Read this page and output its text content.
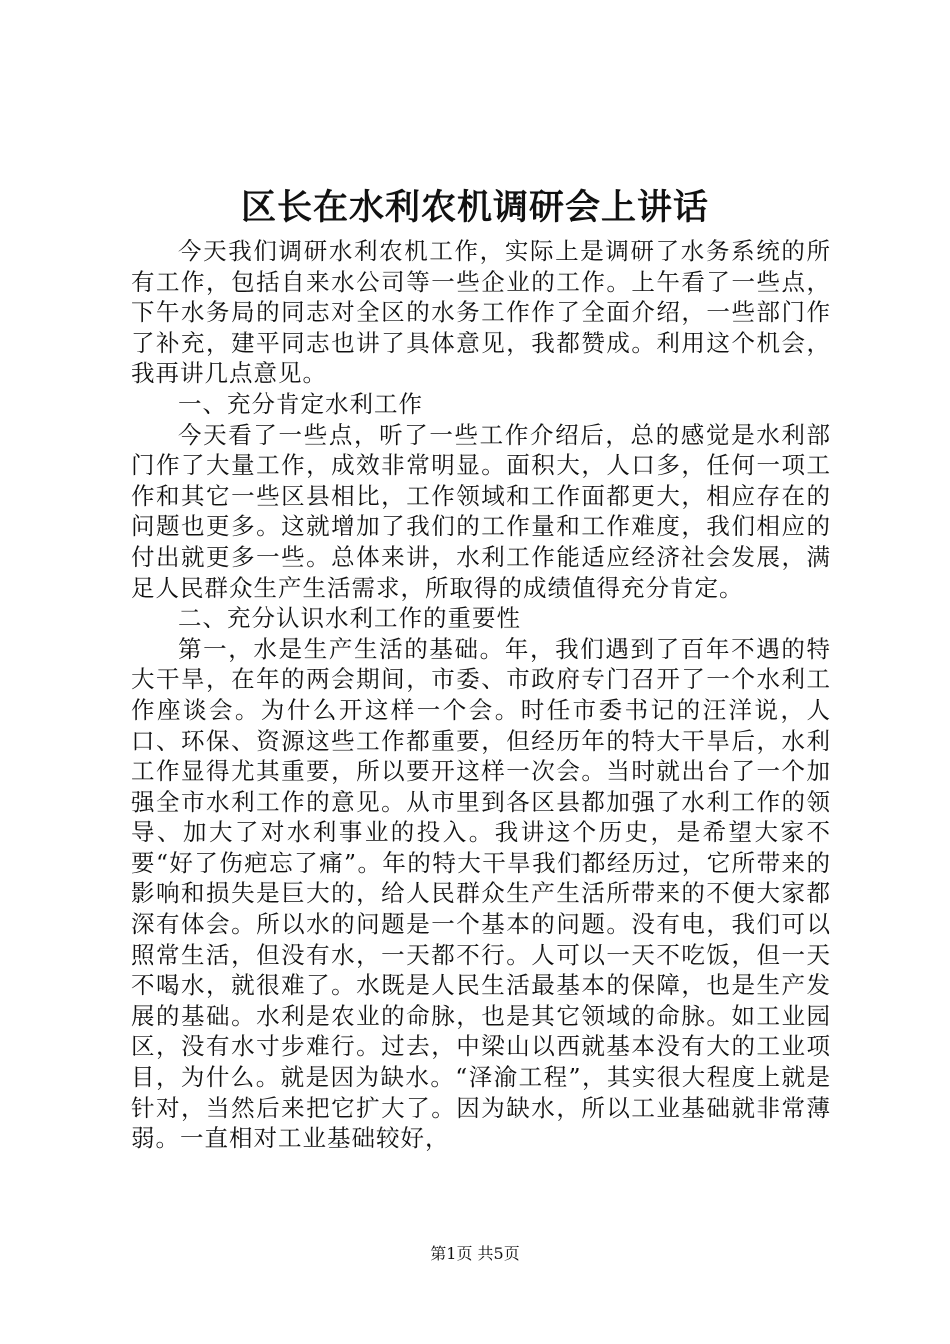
区长在水利农机调研会上讲话

今天我们调研水利农机工作，实际上是调研了水务系统的所有工作，包括自来水公司等一些企业的工作。上午看了一些点，下午水务局的同志对全区的水务工作作了全面介绍，一些部门作了补充，建平同志也讲了具体意见，我都赞成。利用这个机会，我再讲几点意见。

一、充分肯定水利工作

今天看了一些点，听了一些工作介绍后，总的感觉是水利部门作了大量工作，成效非常明显。面积大，人口多，任何一项工作和其它一些区县相比，工作领域和工作面都更大，相应存在的问题也更多。这就增加了我们的工作量和工作难度，我们相应的付出就更多一些。总体来讲，水利工作能适应经济社会发展，满足人民群众生产生活需求，所取得的成绩值得充分肯定。

二、充分认识水利工作的重要性

第一，水是生产生活的基础。年，我们遇到了百年不遇的特大干旱，在年的两会期间，市委、市政府专门召开了一个水利工作座谈会。为什么开这样一个会。时任市委书记的汪洋说，人口、环保、资源这些工作都重要，但经历年的特大干旱后，水利工作显得尤其重要，所以要开这样一次会。当时就出台了一个加强全市水利工作的意见。从市里到各区县都加强了水利工作的领导、加大了对水利事业的投入。我讲这个历史，是希望大家不要“好了伤疤忘了痛”。年的特大干旱我们都经历过，它所带来的影响和损失是巨大的，给人民群众生产生活所带来的不便大家都深有体会。所以水的问题是一个基本的问题。没有电，我们可以照常生活，但没有水，一天都不行。人可以一天不吃饭，但一天不喝水，就很难了。水既是人民生活最基本的保障，也是生产发展的基础。水利是农业的命脉，也是其它领域的命脉。如工业园区，没有水寸步难行。过去，中梁山以西就基本没有大的工业项目，为什么。就是因为缺水。“泽渝工程”，其实很大程度上就是针对，当然后来把它扩大了。因为缺水，所以工业基础就非常薄弱。一直相对工业基础较好，

第1页 共5页
